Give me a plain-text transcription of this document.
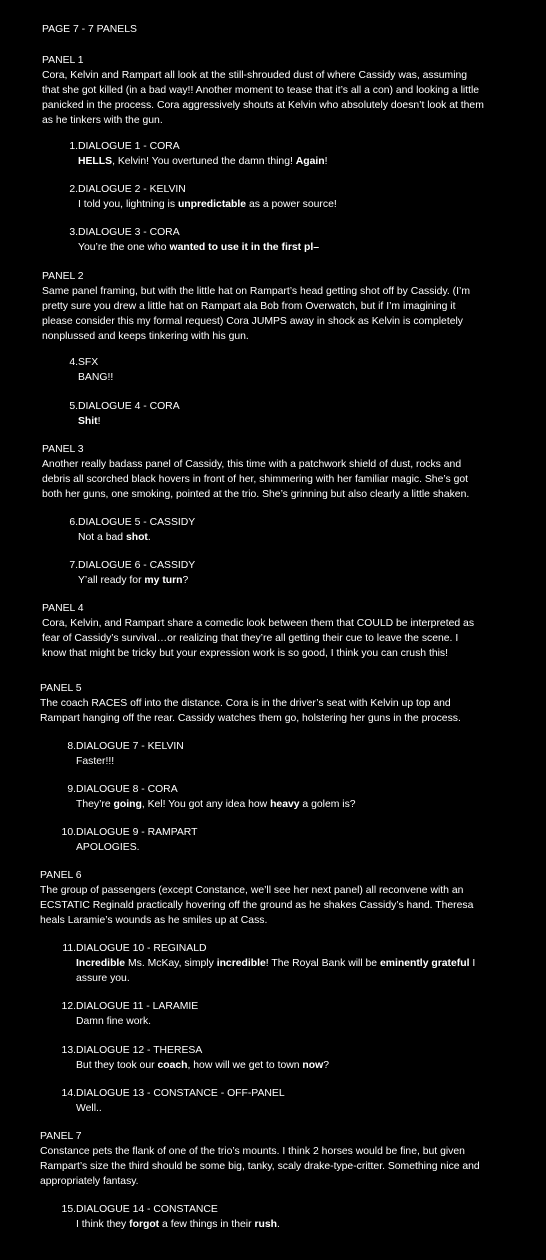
PAGE 7 - 7 PANELS
PANEL 1
Cora, Kelvin and Rampart all look at the still-shrouded dust of where Cassidy was, assuming
that she got killed (in a bad way!! Another moment to tease that it’s all a con) and looking a little
panicked in the process. Cora aggressively shouts at Kelvin who absolutely doesn’t look at them
as he tinkers with the gun.
1. DIALOGUE 1 - CORA
HELLS, Kelvin! You overtuned the damn thing! Again!
2. DIALOGUE 2 - KELVIN
I told you, lightning is unpredictable as a power source!
3. DIALOGUE 3 - CORA
You’re the one who wanted to use it in the first pl–
PANEL 2
Same panel framing, but with the little hat on Rampart’s head getting shot off by Cassidy. (I’m
pretty sure you drew a little hat on Rampart ala Bob from Overwatch, but if I’m imagining it
please consider this my formal request) Cora JUMPS away in shock as Kelvin is completely
nonplussed and keeps tinkering with his gun.
4. SFX
BANG!!
5. DIALOGUE 4 - CORA
Shit!
PANEL 3
Another really badass panel of Cassidy, this time with a patchwork shield of dust, rocks and
debris all scorched black hovers in front of her, shimmering with her familiar magic. She’s got
both her guns, one smoking, pointed at the trio. She’s grinning but also clearly a little shaken.
6. DIALOGUE 5 - CASSIDY
Not a bad shot.
7. DIALOGUE 6 - CASSIDY
Y’all ready for my turn?
PANEL 4
Cora, Kelvin, and Rampart share a comedic look between them that COULD be interpreted as
fear of Cassidy’s survival…or realizing that they’re all getting their cue to leave the scene. I
know that might be tricky but your expression work is so good, I think you can crush this!
PANEL 5
The coach RACES off into the distance. Cora is in the driver’s seat with Kelvin up top and
Rampart hanging off the rear. Cassidy watches them go, holstering her guns in the process.
8. DIALOGUE 7 - KELVIN
Faster!!!
9. DIALOGUE 8 - CORA
They’re going, Kel! You got any idea how heavy a golem is?
10. DIALOGUE 9 - RAMPART
APOLOGIES.
PANEL 6
The group of passengers (except Constance, we’ll see her next panel) all reconvene with an
ECSTATIC Reginald practically hovering off the ground as he shakes Cassidy’s hand. Theresa
heals Laramie’s wounds as he smiles up at Cass.
11. DIALOGUE 10 - REGINALD
Incredible Ms. McKay, simply incredible! The Royal Bank will be eminently grateful I
assure you.
12. DIALOGUE 11 - LARAMIE
Damn fine work.
13. DIALOGUE 12 - THERESA
But they took our coach, how will we get to town now?
14. DIALOGUE 13 - CONSTANCE - OFF-PANEL
Well..
PANEL 7
Constance pets the flank of one of the trio’s mounts. I think 2 horses would be fine, but given
Rampart’s size the third should be some big, tanky, scaly drake-type-critter. Something nice and
appropriately fantasy.
15. DIALOGUE 14 - CONSTANCE
I think they forgot a few things in their rush.
